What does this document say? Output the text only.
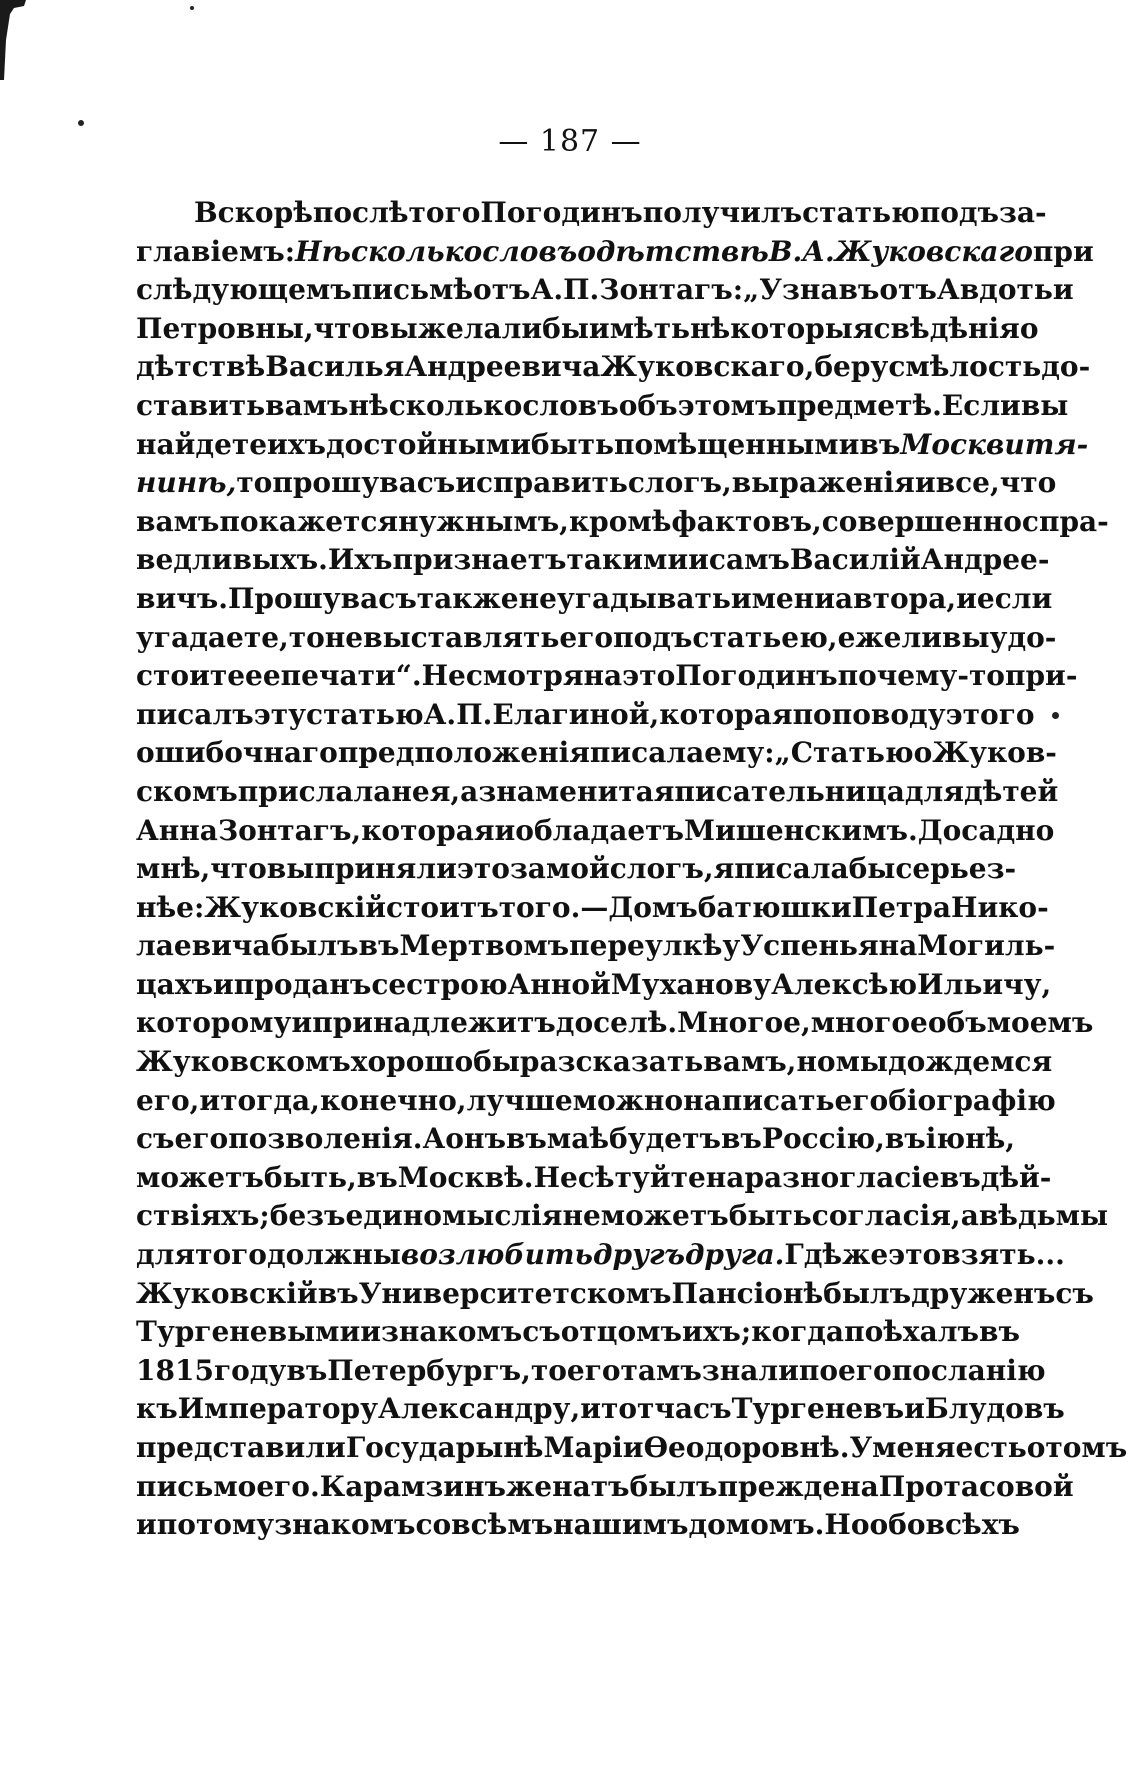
— 187 —
Вскорѣ послѣ того Погодинъ получилъ статью подъ за-
главіемъ: Нѣсколько словъ о дѣтствѣ В. А. Жуковскаго при
слѣдующемъ письмѣ отъ А. П. Зонтагъ: „Узнавъ отъ Авдотьи
Петровны, что вы желали бы имѣть нѣкоторыя свѣдѣнія о
дѣтствѣ Василья Андреевича Жуковскаго, беру смѣлость до-
ставить вамъ нѣсколько словъ объ этомъ предметѣ. Если вы
найдете ихъ достойными быть помѣщенными въ Москвитя-
нинѣ, то прошу васъ исправить слогъ, выраженія и все, что
вамъ покажется нужнымъ, кромѣ фактовъ, совершенно спра-
ведливыхъ. Ихъ признаетъ такими и самъ Василій Андрее-
вичъ. Прошу васъ также не угадывать имени автора, и если
угадаете, то не выставлять его подъ статьею, ежели вы удо-
стоите ее печати“. Не смотря на это Погодинъ почему-то при-
писалъ эту статью А. П. Елагиной, которая по поводу этого
ошибочнаго предположенія писала ему: „Статью о Жуков-
скомъ прислала не я, а знаменитая писательница для дѣтей
Анна Зонтагъ, которая и обладаетъ Мишенскимъ. Досадно
мнѣ, что вы приняли это за мой слогъ, я писала бы серьез-
нѣе: Жуковскій стоитъ того. — Домъ батюшки Петра Нико-
лаевича былъ въ Мертвомъ переулкѣ у Успенья на Могиль-
цахъ и проданъ сестрою Анной Муханову Алексѣю Ильичу,
которому и принадлежитъ доселѣ. Многое, многое объ моемъ
Жуковскомъ хорошо бы разсказать вамъ, но мы дождемся
его, и тогда, конечно, лучше можно написать его біографію
съ его позволенія. А онъ въ маѣ будетъ въ Россію, въ іюнѣ,
можетъ быть, въ Москвѣ. Не сѣтуйте на разногласіе въ дѣй-
ствіяхъ; безъ единомыслія не можетъ быть согласія, а вѣдь мы
для того должны возлюбить другъ друга. Гдѣ же это взять...
Жуковскій въ Университетскомъ Пансіонѣ былъ друженъ съ
Тургеневыми и знакомъ съ отцомъ ихъ; когда поѣхалъ въ
1815 году въ Петербургъ, то его тамъ знали по его посланію
къ Императору Александру, и тотчасъ Тургеневъ и Блудовъ
представили Государынѣ Маріи Ѳеодоровнѣ. У меня есть о томъ
письмо его. Карамзинъ женатъ былъ прежде на Протасовой
и потому знакомъ со всѣмъ нашимъ домомъ. Но обо всѣхъ
